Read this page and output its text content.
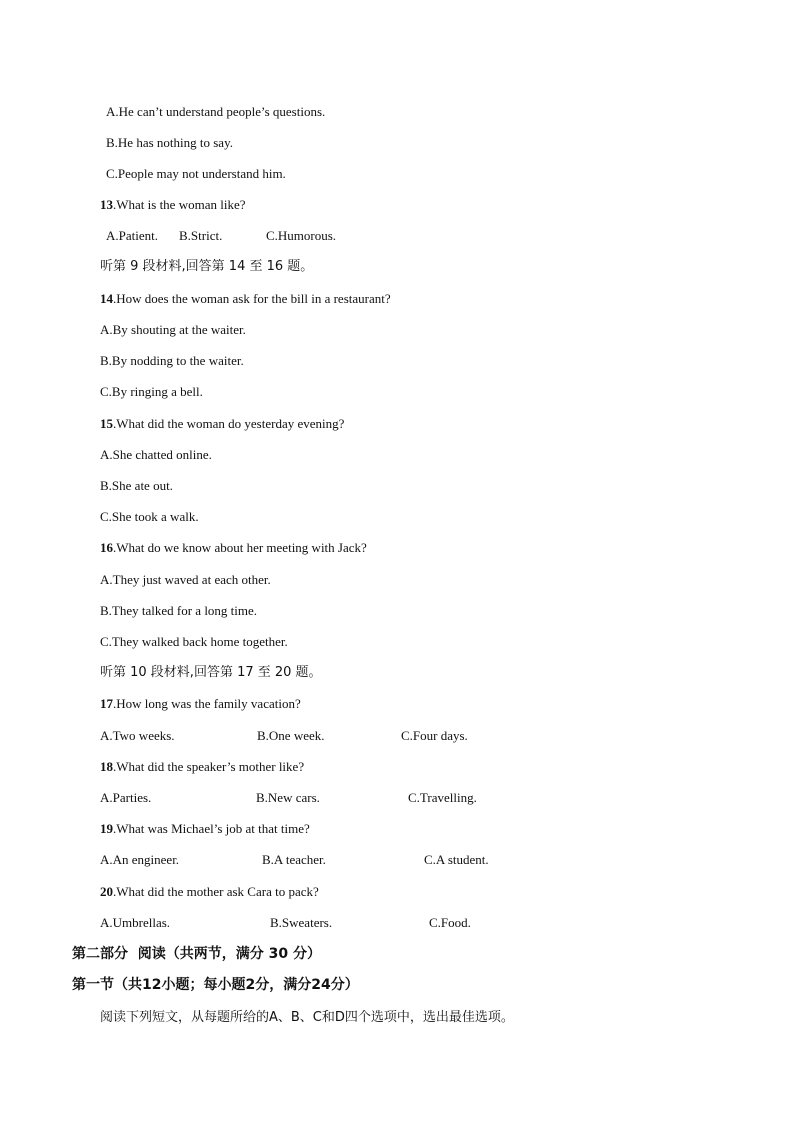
A.He can’t understand people’s questions.
B.He has nothing to say.
C.People may not understand him.
13.What is the woman like?
A.Patient. B.Strict.	C.Humorous.
听第 9 段材料,回答第 14 至 16 题。
14.How does the woman ask for the bill in a restaurant?
A.By shouting at the waiter.
B.By nodding to the waiter.
C.By ringing a bell.
15.What did the woman do yesterday evening?
A.She chatted online.
B.She ate out.
C.She took a walk.
16.What do we know about her meeting with Jack?
A.They just waved at each other.
B.They talked for a long time.
C.They walked back home together.
听第 10 段材料,回答第 17 至 20 题。
17.How long was the family vacation?
A.Two weeks.	B.One week.	C.Four days.
18.What did the speaker’s mother like?
A.Parties.	B.New cars.	C.Travelling.
19.What was Michael’s job at that time?
A.An engineer.	B.A teacher.	C.A student.
20.What did the mother ask Cara to pack?
A.Umbrellas.	B.Sweaters.	C.Food.
第二部分  阅读（共两节，满分 30 分）
第一节（共12小题；每小题2分，满分24分）
阅读下列短文，从每题所给的A、B、C和D四个选项中，选出最佳选项。
